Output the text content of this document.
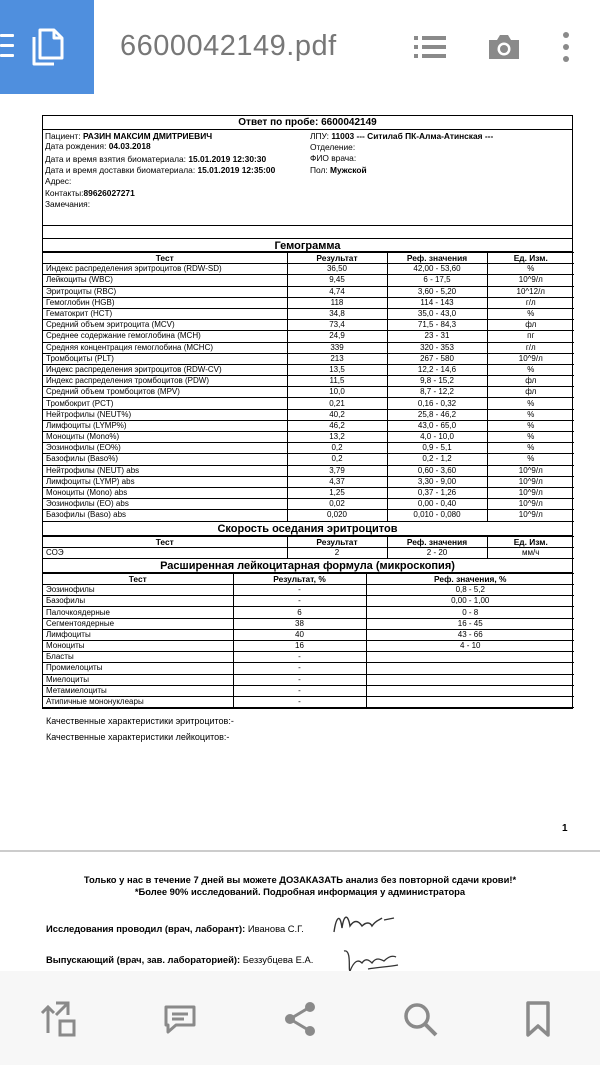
6600042149.pdf
Ответ по пробе: 6600042149
Пациент: РАЗИН МАКСИМ ДМИТРИЕВИЧ
Дата рождения: 04.03.2018
Дата и время взятия биоматериала: 15.01.2019 12:30:30
Дата и время доставки биоматериала: 15.01.2019 12:35:00
Адрес:
Контакты:89626027271
Замечания:
ЛПУ: 11003 --- Ситилаб ПК-Алма-Атинская ---
Отделение:
ФИО врача:
Пол: Мужской
Гемограмма
Тест	Результат	Реф. значения	Ед. Изм.
Индекс распределения эритроцитов (RDW-SD)	36,50	42,00 - 53,60	%
Лейкоциты (WBC)	9,45	6 - 17,5	10^9/л
Эритроциты (RBC)	4,74	3,60 - 5,20	10^12/л
Гемоглобин (HGB)	118	114 - 143	г/л
Гематокрит (HCT)	34,8	35,0 - 43,0	%
Средний объем эритроцита (MCV)	73,4	71,5 - 84,3	фл
Среднее содержание гемоглобина (MCH)	24,9	23 - 31	пг
Средняя концентрация гемоглобина (MCHC)	339	320 - 353	г/л
Тромбоциты (PLT)	213	267 - 580	10^9/л
Индекс распределения эритроцитов (RDW-CV)	13,5	12,2 - 14,6	%
Индекс распределения тромбоцитов (PDW)	11,5	9,8 - 15,2	фл
Средний объем тромбоцитов (MPV)	10,0	8,7 - 12,2	фл
Тромбокрит (PCT)	0,21	0,16 - 0,32	%
Нейтрофилы (NEUT%)	40,2	25,8 - 46,2	%
Лимфоциты (LYMP%)	46,2	43,0 - 65,0	%
Моноциты (Mono%)	13,2	4,0 - 10,0	%
Эозинофилы (EO%)	0,2	0,9 - 5,1	%
Базофилы (Baso%)	0,2	0,2 - 1,2	%
Нейтрофилы (NEUT) abs	3,79	0,60 - 3,60	10^9/л
Лимфоциты (LYMP) abs	4,37	3,30 - 9,00	10^9/л
Моноциты (Mono) abs	1,25	0,37 - 1,26	10^9/л
Эозинофилы (EO) abs	0,02	0,00 - 0,40	10^9/л
Базофилы (Baso) abs	0,020	0,010 - 0,080	10^9/л
Скорость оседания эритроцитов
Тест	Результат	Реф. значения	Ед. Изм.
СОЭ	2	2 - 20	мм/ч
Расширенная лейкоцитарная формула (микроскопия)
Тест	Результат, %	Реф. значения, %
Эозинофилы	-	0,8 - 5,2
Базофилы	-	0,00 - 1,00
Палочкоядерные	6	0 - 8
Сегментоядерные	38	16 - 45
Лимфоциты	40	43 - 66
Моноциты	16	4 - 10
Бласты	-	
Промиелоциты	-	
Миелоциты	-	
Метамиелоциты	-	
Атипичные мононуклеары	-	
Качественные характеристики эритроцитов:-
Качественные характеристики лейкоцитов:-
1
Только у нас в течение 7 дней вы можете ДОЗАКАЗАТЬ анализ без повторной сдачи крови!*
*Более 90% исследований. Подробная информация у администратора
Исследования проводил (врач, лаборант): Иванова С.Г.
Выпускающий (врач, зав. лабораторией): Беззубцева Е.А.
